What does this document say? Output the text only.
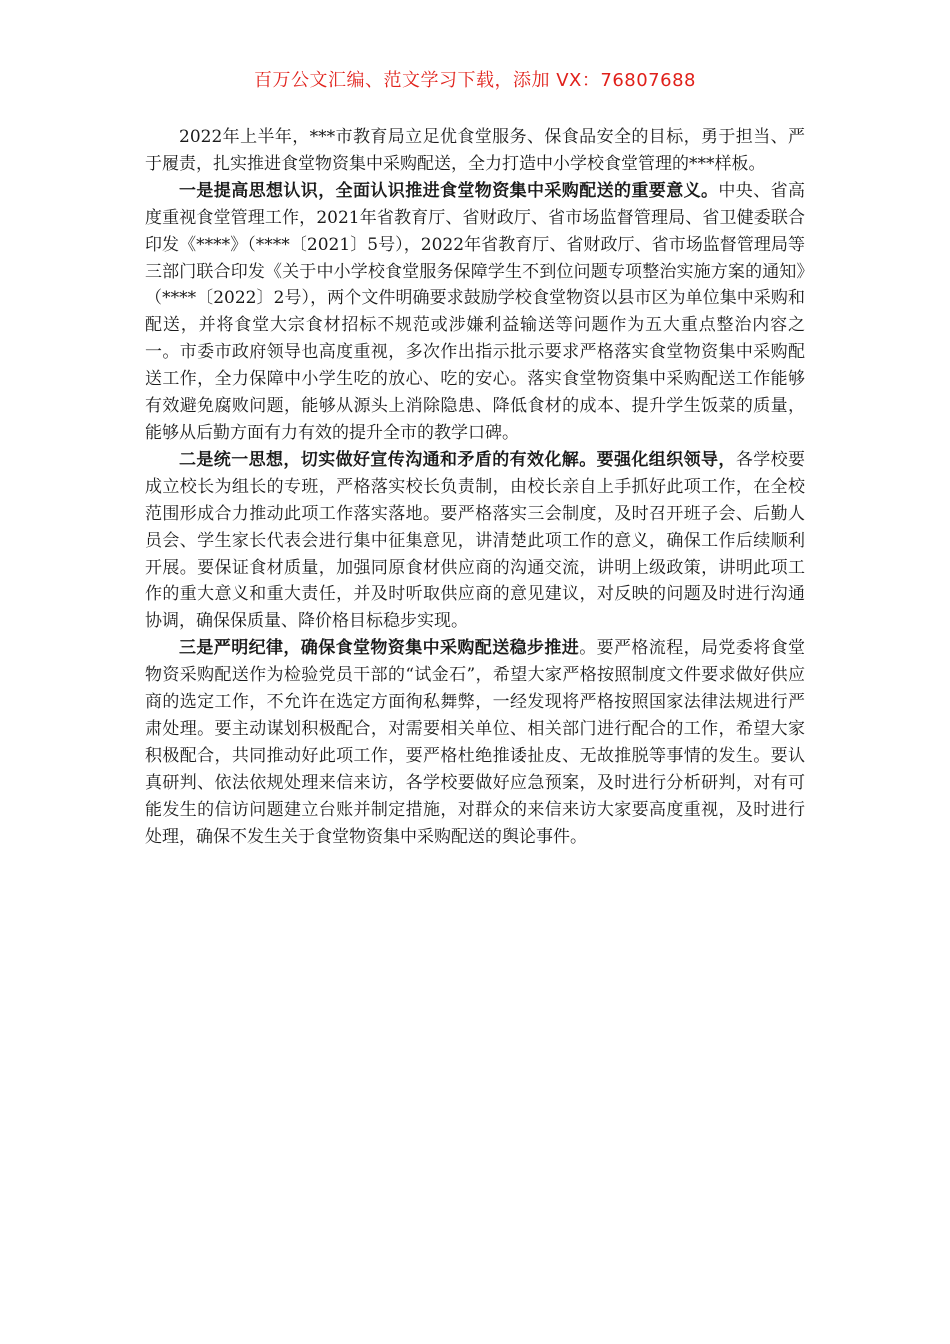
百万公文汇编、范文学习下载，添加 VX：76807688

2022年上半年，***市教育局立足优食堂服务、保食品安全的目标，勇于担当、严于履责，扎实推进食堂物资集中采购配送，全力打造中小学校食堂管理的***样板。

一是提高思想认识，全面认识推进食堂物资集中采购配送的重要意义。中央、省高度重视食堂管理工作，2021年省教育厅、省财政厅、省市场监督管理局、省卫健委联合印发《****》（****〔2021〕5号），2022年省教育厅、省财政厅、省市场监督管理局等三部门联合印发《关于中小学校食堂服务保障学生不到位问题专项整治实施方案的通知》（****〔2022〕2号），两个文件明确要求鼓励学校食堂物资以县市区为单位集中采购和配送，并将食堂大宗食材招标不规范或涉嫌利益输送等问题作为五大重点整治内容之一。市委市政府领导也高度重视，多次作出指示批示要求严格落实食堂物资集中采购配送工作，全力保障中小学生吃的放心、吃的安心。落实食堂物资集中采购配送工作能够有效避免腐败问题，能够从源头上消除隐患、降低食材的成本、提升学生饭菜的质量，能够从后勤方面有力有效的提升全市的教学口碑。

二是统一思想，切实做好宣传沟通和矛盾的有效化解。要强化组织领导，各学校要成立校长为组长的专班，严格落实校长负责制，由校长亲自上手抓好此项工作，在全校范围形成合力推动此项工作落实落地。要严格落实三会制度，及时召开班子会、后勤人员会、学生家长代表会进行集中征集意见，讲清楚此项工作的意义，确保工作后续顺利开展。要保证食材质量，加强同原食材供应商的沟通交流，讲明上级政策，讲明此项工作的重大意义和重大责任，并及时听取供应商的意见建议，对反映的问题及时进行沟通协调，确保保质量、降价格目标稳步实现。

三是严明纪律，确保食堂物资集中采购配送稳步推进。要严格流程，局党委将食堂物资采购配送作为检验党员干部的“试金石”，希望大家严格按照制度文件要求做好供应商的选定工作，不允许在选定方面徇私舞弊，一经发现将严格按照国家法律法规进行严肃处理。要主动谋划积极配合，对需要相关单位、相关部门进行配合的工作，希望大家积极配合，共同推动好此项工作，要严格杜绝推诿扯皮、无故推脱等事情的发生。要认真研判、依法依规处理来信来访，各学校要做好应急预案，及时进行分析研判，对有可能发生的信访问题建立台账并制定措施，对群众的来信来访大家要高度重视，及时进行处理，确保不发生关于食堂物资集中采购配送的舆论事件。
